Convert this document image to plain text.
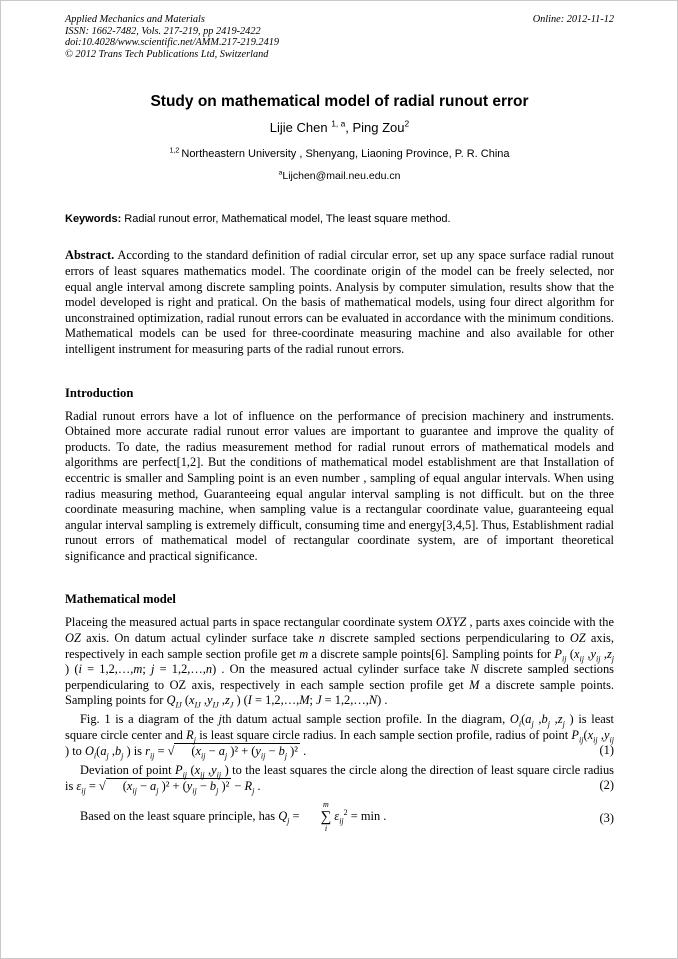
Applied Mechanics and Materials
ISSN: 1662-7482, Vols. 217-219, pp 2419-2422
doi:10.4028/www.scientific.net/AMM.217-219.2419
© 2012 Trans Tech Publications Ltd, Switzerland
Online: 2012-11-12
Study on mathematical model of radial runout error
Lijie Chen $^{1, a}$, Ping Zou$^2$
$^{1,2}$ Northeastern University , Shenyang, Liaoning Province, P. R. China
$^a$Lijchen@mail.neu.edu.cn

Keywords: Radial runout error, Mathematical model, The least square method.

Abstract. According to the standard definition of radial circular error, set up any space surface radial runout errors of least squares mathematics model. The coordinate origin of the model can be freely selected, nor equal angle interval among discrete sampling points. Analysis by computer simulation, results show that the model developed is right and pratical. On the basis of mathematical models, using four direct algorithm for unconstrained optimization, radial runout errors can be evaluated in accordance with the minimum conditions. Mathematical models can be used for three-coordinate measuring machine and also available for other intelligent instrument for measuring parts of the radial runout errors.

Introduction

Radial runout errors have a lot of influence on the performance of precision machinery and instruments. Obtained more accurate radial runout error values are important to guarantee and improve the quality of products. To date, the radius measurement method for radial runout errors of mathematical models and algorithms are perfect[1,2]. But the conditions of mathematical model establishment are that Installation of eccentric is smaller and Sampling point is an even number , sampling of equal angular intervals. When using radius measuring method, Guaranteeing equal angular interval sampling is not difficult. but on the three coordinate measuring machine, when sampling value is a rectangular coordinate value, guaranteeing equal angular interval sampling is extremely difficult, consuming time and energy[3,4,5]. Thus, Establishment radial runout errors of mathematical model of rectangular coordinate system, are of important theoretical significance and practical significance.

Mathematical model

Placeing the measured actual parts in space rectangular coordinate system OXYZ , parts axes coincide with the OZ axis. On datum actual cylinder surface take n discrete sampled sections perpendicularing to OZ axis, respectively in each sample section profile get m a discrete sample points[6]. Sampling points for $P_{ij}$ ($x_{ij}$ $,y_{ij}$ $,z_j$ ) (i = 1,2,…,m; j = 1,2,…,n) . On the measured actual cylinder surface take N discrete sampled sections perpendicularing to OZ axis, respectively in each sample section profile get M a discrete sample points. Sampling points for $Q_{IJ}$ ($x_{IJ}$ $,y_{IJ}$ $,z_J$ ) (I = 1,2,…,M; J = 1,2,…,N) .

Fig. 1 is a diagram of the jth datum actual sample section profile. In the diagram, $O_i(a_j$ $,b_j$ $,z_j$ ) is least square circle center and $R_j$ is least square circle radius. In each sample section profile, radius of point $P_{ij}(x_{ij}$ $,y_{ij}$ ) to $O_i(a_j$ $,b_j$ ) is $r_{ij}$ = √ ($x_{ij} - a_j$ )$^2 + (y_{ij} - b_j$ )² .	(1)

Deviation of point $P_{ij}$ ($x_{ij}$ $,y_{ij}$ ) to the least squares the circle along the direction of least square circle radius is $\varepsilon_{ij}$ = √ ($x_{ij} - a_j$ )$^2 + (y_{ij} - b_j$ )$^2 - R_j$ .	(2)

Based on the least square principle, has $Q_j$ =
m
∑
i
$\varepsilon_{ij}^2 = \min$ .	(3)
